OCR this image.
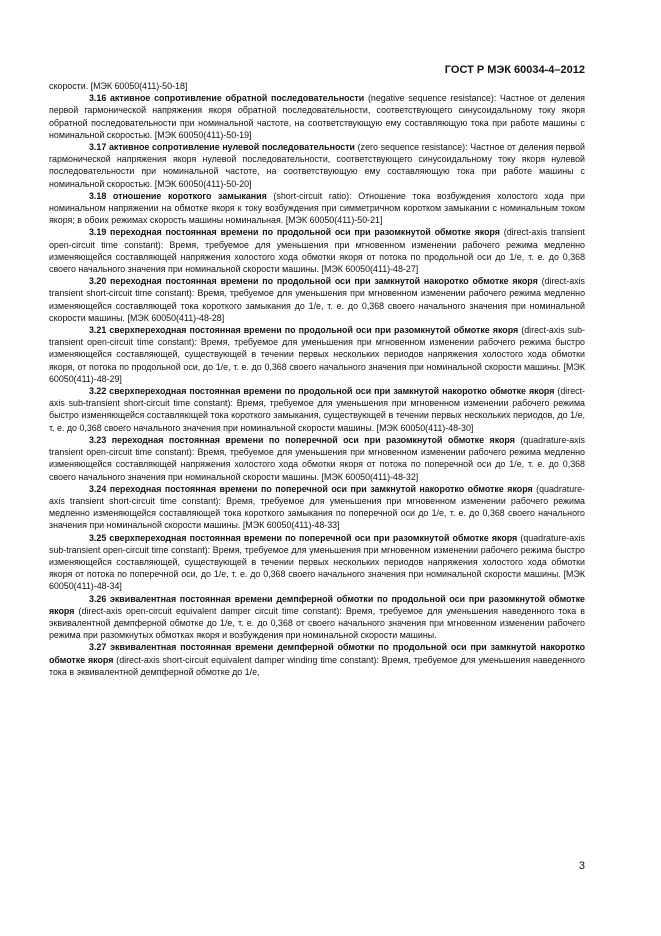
ГОСТ Р МЭК 60034-4–2012

скорости. [МЭК 60050(411)-50-18]

3.16 активное сопротивление обратной последовательности (negative sequence resistance): Частное от деления первой гармонической напряжения якоря обратной последовательности, соответствующего синусоидальному току якоря обратной последовательности при номинальной частоте, на соответствующую ему составляющую тока при работе машины с номинальной скоростью. [МЭК 60050(411)-50-19]

3.17 активное сопротивление нулевой последовательности (zero sequence resistance): Частное от деления первой гармонической напряжения якоря нулевой последовательности, соответствующего синусоидальному току якоря нулевой последовательности при номинальной частоте, на соответствующую ему составляющую тока при работе машины с номинальной скоростью. [МЭК 60050(411)-50-20]

3.18 отношение короткого замыкания (short-circuit ratio): Отношение тока возбуждения холостого хода при номинальном напряжении на обмотке якоря к току возбуждения при симметричном коротком замыкании с номинальным током якоря; в обоих режимах скорость машины номинальная. [МЭК 60050(411)-50-21]

3.19 переходная постоянная времени по продольной оси при разомкнутой обмотке якоря (direct-axis transient open-circuit time constant): Время, требуемое для уменьшения при мгновенном изменении рабочего режима медленно изменяющейся составляющей напряжения холостого хода обмотки якоря от потока по продольной оси до 1/е, т. е. до 0,368 своего начального значения при номинальной скорости машины. [МЭК 60050(411)-48-27]

3.20 переходная постоянная времени по продольной оси при замкнутой накоротко обмотке якоря (direct-axis transient short-circuit time constant): Время, требуемое для уменьшения при мгновенном изменении рабочего режима медленно изменяющейся составляющей тока короткого замыкания до 1/е, т. е. до 0,368 своего начального значения при номинальной скорости машины. [МЭК 60050(411)-48-28]

3.21 сверхпереходная постоянная времени по продольной оси при разомкнутой обмотке якоря (direct-axis sub-transient open-circuit time constant): Время, требуемое для уменьшения при мгновенном изменении рабочего режима быстро изменяющейся составляющей, существующей в течении первых нескольких периодов напряжения холостого хода обмотки якоря, от потока по продольной оси, до 1/е, т. е. до 0,368 своего начального значения при номинальной скорости машины. [МЭК 60050(411)-48-29]

3.22 сверхпереходная постоянная времени по продольной оси при замкнутой накоротко обмотке якоря (direct-axis sub-transient short-circuit time constant): Время, требуемое для уменьшения при мгновенном изменении рабочего режима быстро изменяющейся составляющей тока короткого замыкания, существующей в течении первых нескольких периодов, до 1/е, т. е. до 0,368 своего начального значения при номинальной скорости машины. [МЭК 60050(411)-48-30]

3.23 переходная постоянная времени по поперечной оси при разомкнутой обмотке якоря (quadrature-axis transient open-circuit time constant): Время, требуемое для уменьшения при мгновенном изменении рабочего режима медленно изменяющейся составляющей напряжения холостого хода обмотки якоря от потока по поперечной оси до 1/е, т. е. до 0,368 своего начального значения при номинальной скорости машины. [МЭК 60050(411)-48-32]

3.24 переходная постоянная времени по поперечной оси при замкнутой накоротко обмотке якоря (quadrature-axis transient short-circuit time constant): Время, требуемое для уменьшения при мгновенном изменении рабочего режима медленно изменяющейся составляющей тока короткого замыкания по поперечной оси до 1/е, т. е. до 0,368 своего начального значения при номинальной скорости машины. [МЭК 60050(411)-48-33]

3.25 сверхпереходная постоянная времени по поперечной оси при разомкнутой обмотке якоря (quadrature-axis sub-transient open-circuit time constant): Время, требуемое для уменьшения при мгновенном изменении рабочего режима быстро изменяющейся составляющей, существующей в течении первых нескольких периодов напряжения холостого хода обмотки якоря от потока по поперечной оси, до 1/е, т. е. до 0,368 своего начального значения при номинальной скорости машины. [МЭК 60050(411)-48-34]

3.26 эквивалентная постоянная времени демпферной обмотки по продольной оси при разомкнутой обмотке якоря (direct-axis open-circuit equivalent damper circuit time constant): Время, требуемое для уменьшения наведенного тока в эквивалентной демпферной обмотке до 1/е, т. е. до 0,368 от своего начального значения при мгновенном изменении рабочего режима при разомкнутых обмотках якоря и возбуждения при номинальной скорости машины.

3.27 эквивалентная постоянная времени демпферной обмотки по продольной оси при замкнутой накоротко обмотке якоря (direct-axis short-circuit equivalent damper winding time constant): Время, требуемое для уменьшения наведенного тока в эквивалентной демпферной обмотке до 1/е,

3
